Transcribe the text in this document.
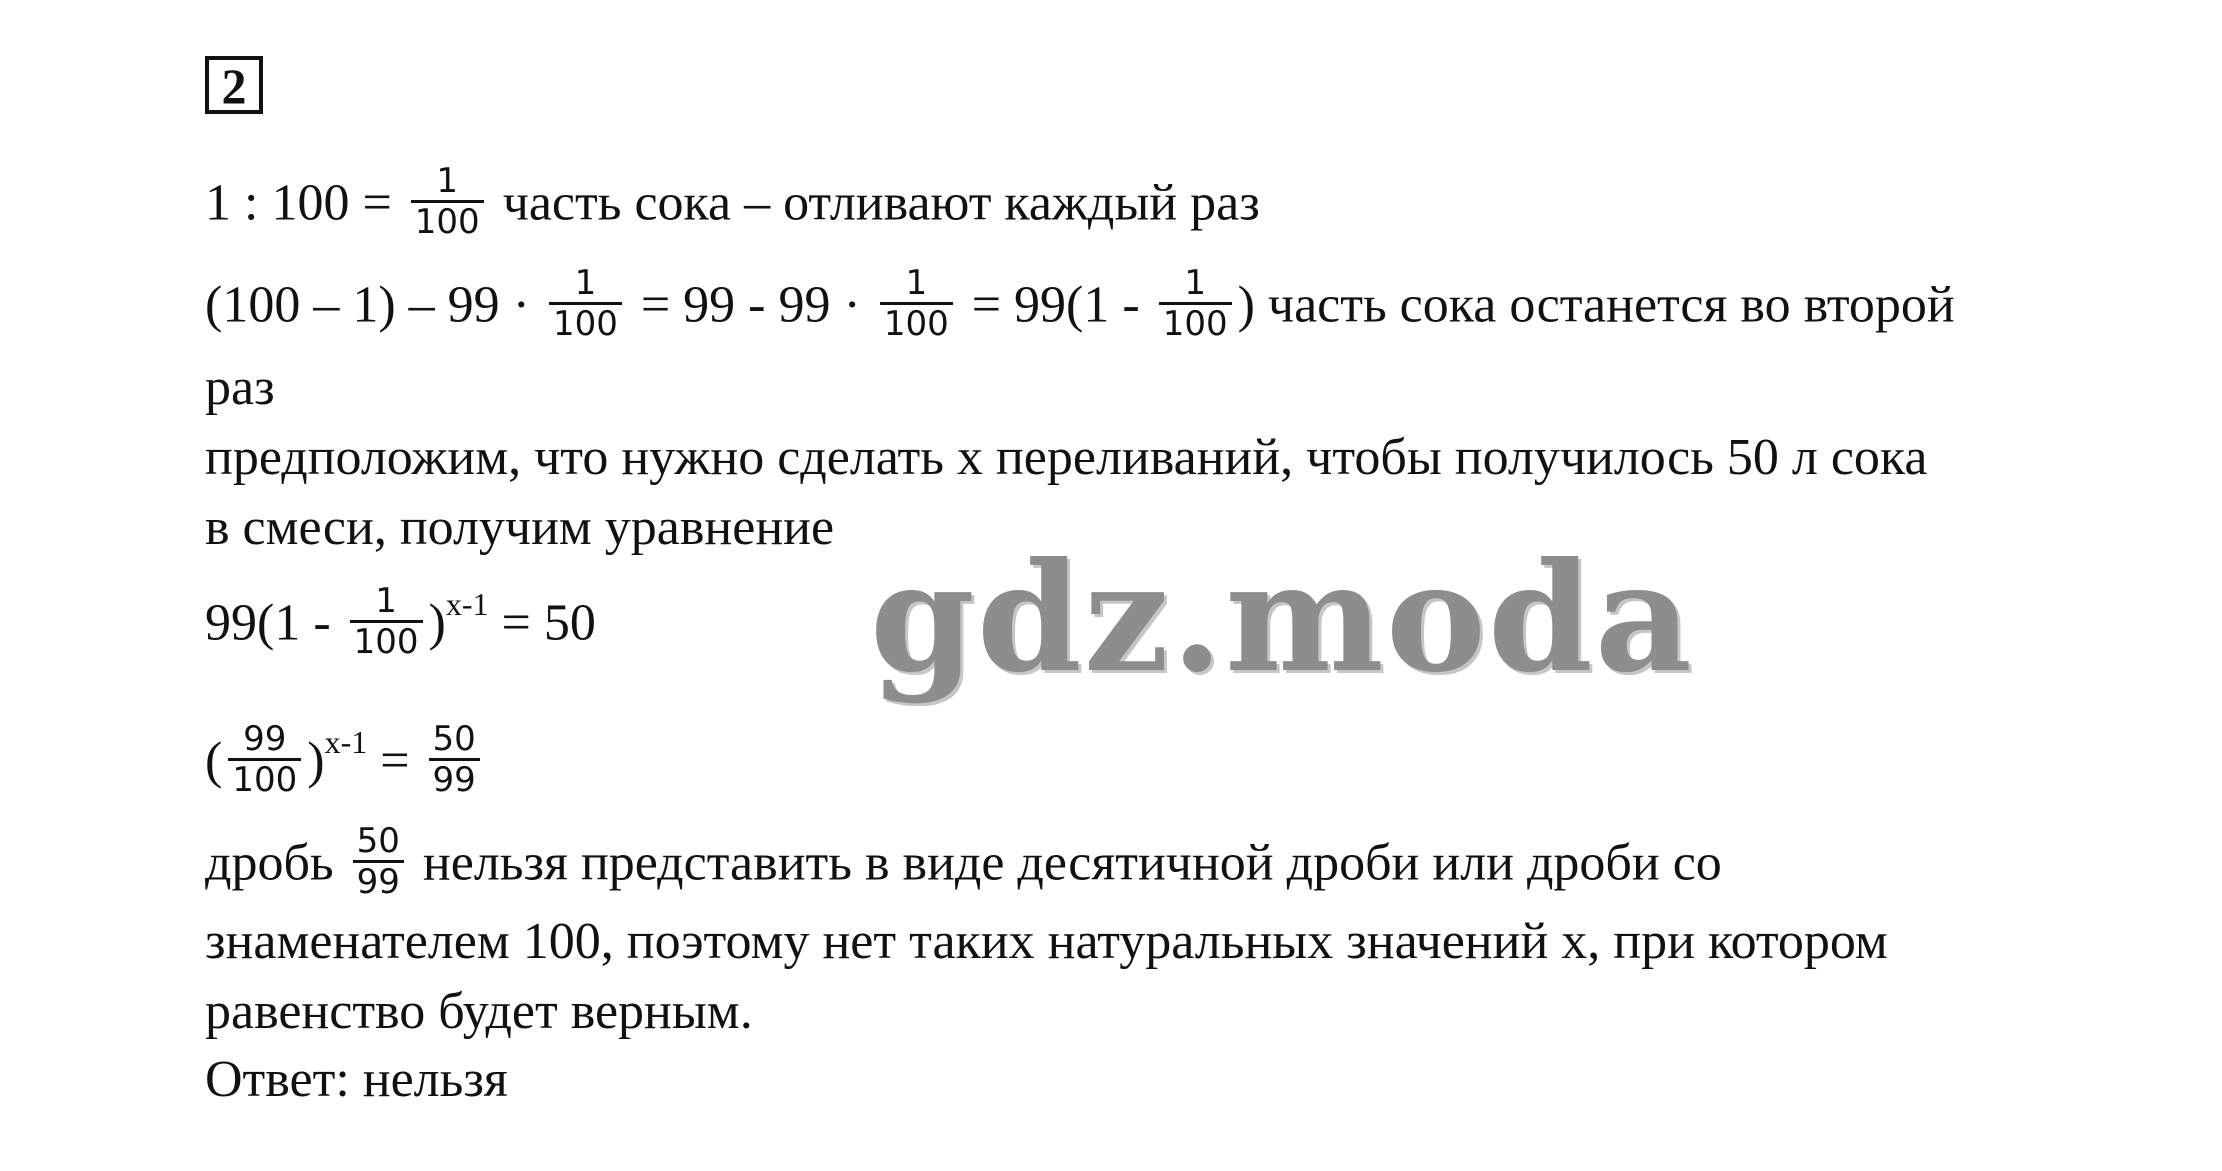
2
1 : $100 = \frac{1}{100}$ часть сока – отливают каждый раз
$(100 - 1) - 99 \cdot \frac{1}{100} = 99 - 99 \cdot \frac{1}{100} = 99(1 - \frac{1}{100}$ ) часть сока останется во второй
раз
предположим, что нужно сделать x переливаний, чтобы получилось 50 л сока
в смеси, получим уравнение
$99(1 - \frac{1}{100} )^{x-1} = 50$
( $\frac{99}{100} )^{x-1} = \frac{50}{99}$
дробь $\frac{50}{99}$ нельзя представить в виде десятичной дроби или дроби со
знаменателем 100, поэтому нет таких натуральных значений x, при котором
равенство будет верным.
Ответ: нельзя
gdz.moda
